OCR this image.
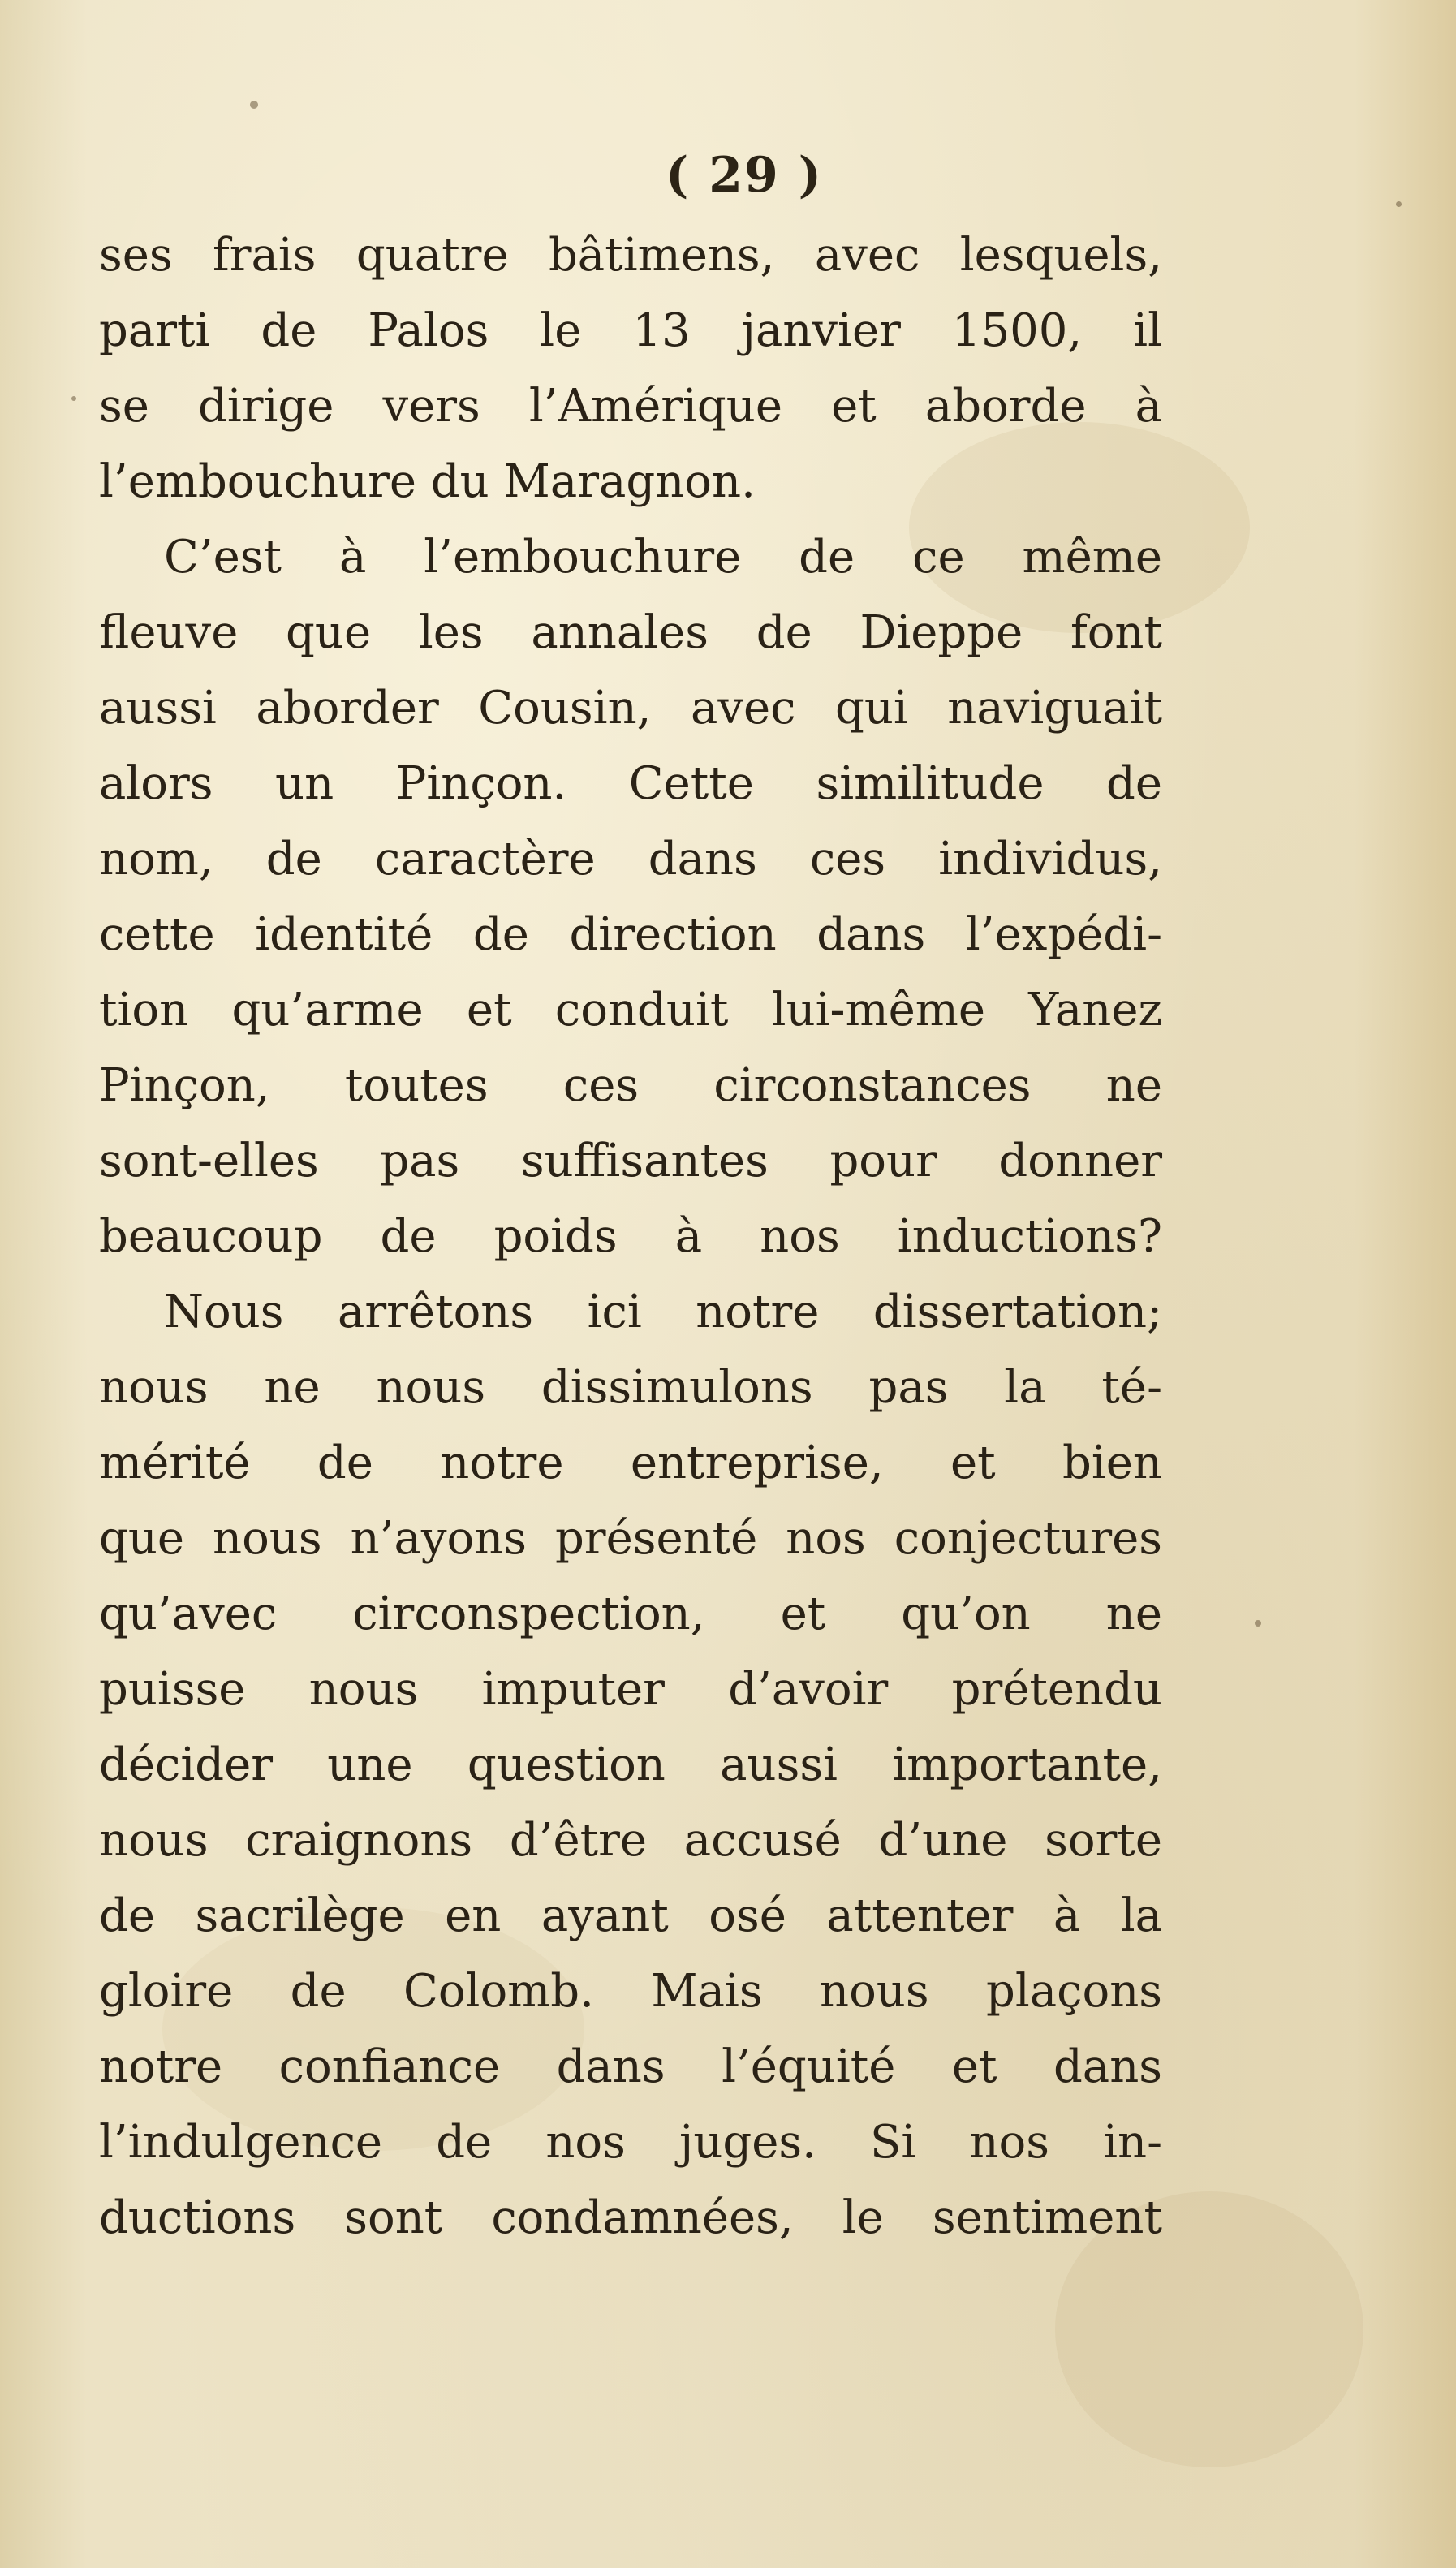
( 29 )
ses frais quatre bâtimens, avec lesquels,
parti de Palos le 13 janvier 1500, il
se dirige vers l’Amérique et aborde à
l’embouchure du Maragnon.
C’est à l’embouchure de ce même
fleuve que les annales de Dieppe font
aussi aborder Cousin, avec qui naviguait
alors un Pinçon. Cette similitude de
nom, de caractère dans ces individus,
cette identité de direction dans l’expédi-
tion qu’arme et conduit lui-même Yanez
Pinçon, toutes ces circonstances ne
sont-elles pas suffisantes pour donner
beaucoup de poids à nos inductions?
Nous arrêtons ici notre dissertation;
nous ne nous dissimulons pas la té-
mérité de notre entreprise, et bien
que nous n’ayons présenté nos conjectures
qu’avec circonspection, et qu’on ne
puisse nous imputer d’avoir prétendu
décider une question aussi importante,
nous craignons d’être accusé d’une sorte
de sacrilège en ayant osé attenter à la
gloire de Colomb. Mais nous plaçons
notre confiance dans l’équité et dans
l’indulgence de nos juges. Si nos in-
ductions sont condamnées, le sentiment
